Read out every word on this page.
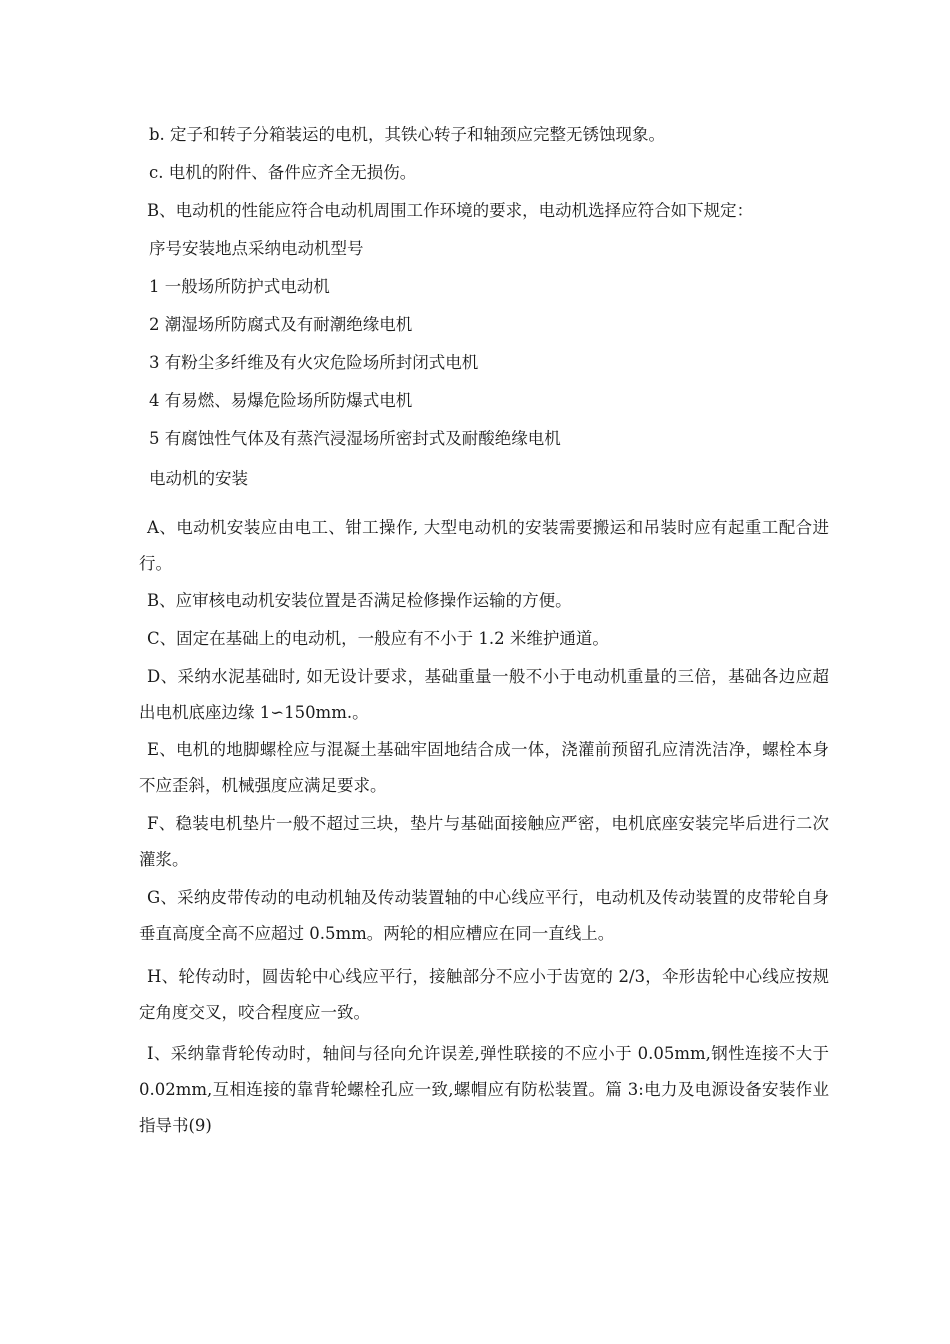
b. 定子和转子分箱装运的电机，其铁心转子和轴颈应完整无锈蚀现象。
c. 电机的附件、备件应齐全无损伤。
B、电动机的性能应符合电动机周围工作环境的要求，电动机选择应符合如下规定：
序号安装地点采纳电动机型号
1 一般场所防护式电动机
2 潮湿场所防腐式及有耐潮绝缘电机
3 有粉尘多纤维及有火灾危险场所封闭式电机
4 有易燃、易爆危险场所防爆式电机
5 有腐蚀性气体及有蒸汽浸湿场所密封式及耐酸绝缘电机
电动机的安装
A、电动机安装应由电工、钳工操作, 大型电动机的安装需要搬运和吊装时应有起重工配合进行。
B、应审核电动机安装位置是否满足检修操作运输的方便。
C、固定在基础上的电动机，一般应有不小于 1.2 米维护通道。
D、采纳水泥基础时, 如无设计要求，基础重量一般不小于电动机重量的三倍，基础各边应超出电机底座边缘 1∽150mm.。
E、电机的地脚螺栓应与混凝土基础牢固地结合成一体，浇灌前预留孔应清洗洁净，螺栓本身不应歪斜，机械强度应满足要求。
F、稳装电机垫片一般不超过三块，垫片与基础面接触应严密，电机底座安装完毕后进行二次灌浆。
G、采纳皮带传动的电动机轴及传动装置轴的中心线应平行，电动机及传动装置的皮带轮自身垂直高度全高不应超过 0.5mm。两轮的相应槽应在同一直线上。
H、轮传动时，圆齿轮中心线应平行，接触部分不应小于齿宽的 2/3，伞形齿轮中心线应按规定角度交叉，咬合程度应一致。
I、采纳靠背轮传动时，轴间与径向允许误差,弹性联接的不应小于 0.05mm,钢性连接不大于 0.02mm,互相连接的靠背轮螺栓孔应一致,螺帽应有防松装置。篇 3:电力及电源设备安装作业指导书(9)
